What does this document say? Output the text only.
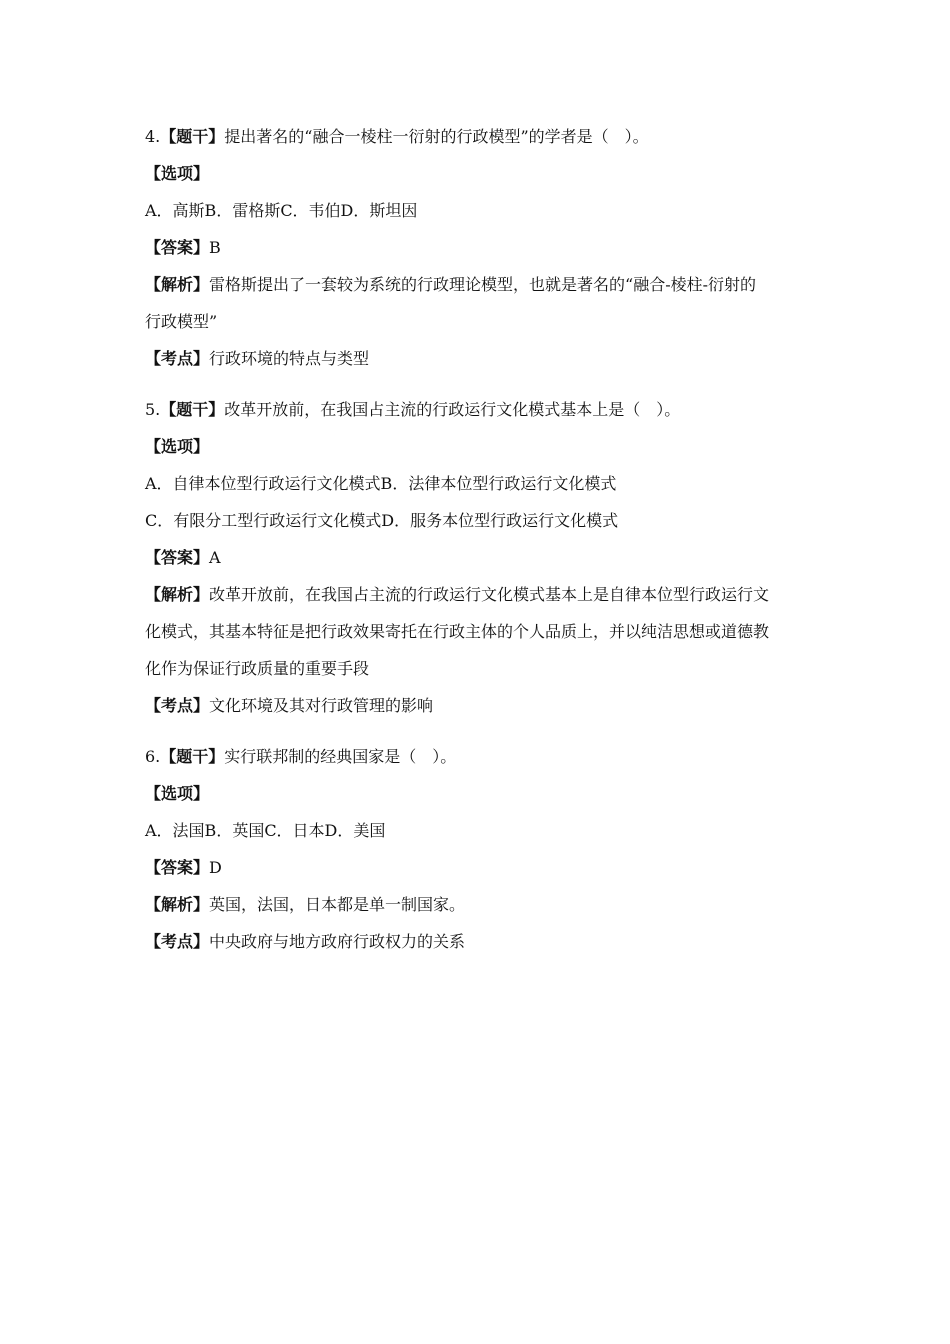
4.【题干】提出著名的“融合一棱柱一衍射的行政模型”的学者是（　）。
【选项】
A．高斯B．雷格斯C．韦伯D．斯坦因
【答案】B
【解析】雷格斯提出了一套较为系统的行政理论模型，也就是著名的“融合-棱柱-衍射的
行政模型”
【考点】行政环境的特点与类型
5.【题干】改革开放前，在我国占主流的行政运行文化模式基本上是（　）。
【选项】
A．自律本位型行政运行文化模式B．法律本位型行政运行文化模式
C．有限分工型行政运行文化模式D．服务本位型行政运行文化模式
【答案】A
【解析】改革开放前，在我国占主流的行政运行文化模式基本上是自律本位型行政运行文
化模式，其基本特征是把行政效果寄托在行政主体的个人品质上，并以纯洁思想或道德教
化作为保证行政质量的重要手段
【考点】文化环境及其对行政管理的影响
6.【题干】实行联邦制的经典国家是（　）。
【选项】
A．法国B．英国C．日本D．美国
【答案】D
【解析】英国，法国，日本都是单一制国家。
【考点】中央政府与地方政府行政权力的关系
